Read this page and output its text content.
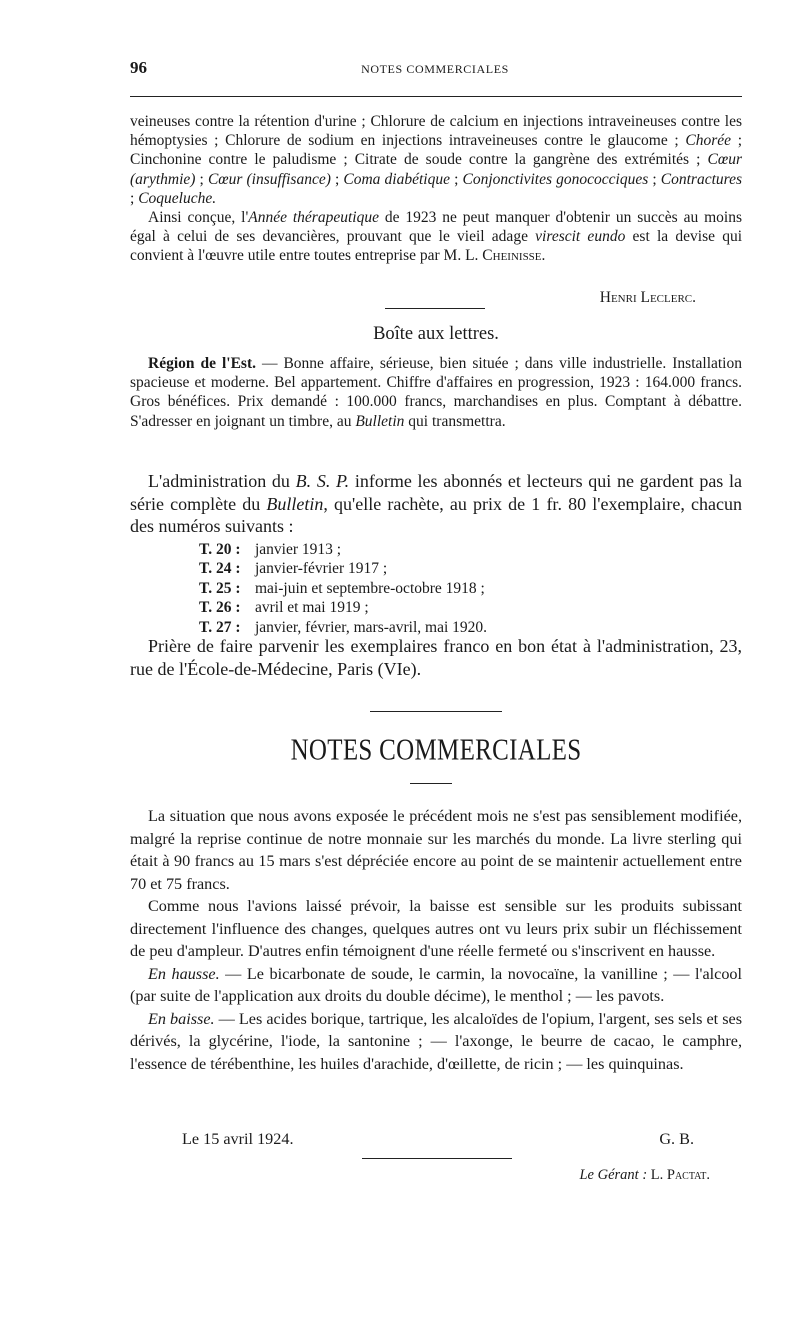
96	NOTES COMMERCIALES

veineuses contre la rétention d'urine ; Chlorure de calcium en injections intraveineuses contre les hémoptysies ; Chlorure de sodium en injections intraveineuses contre le glaucome ; Chorée ; Cinchonine contre le paludisme ; Citrate de soude contre la gangrène des extrémités ; Cœur (arythmie) ; Cœur (insuffisance) ; Coma diabétique ; Conjonctivites gonococciques ; Contractures ; Coqueluche.

Ainsi conçue, l'Année thérapeutique de 1923 ne peut manquer d'obtenir un succès au moins égal à celui de ses devancières, prouvant que le vieil adage virescit eundo est la devise qui convient à l'œuvre utile entre toutes entreprise par M. L. Cheinisse.

Henri Leclerc.
Boîte aux lettres.

Région de l'Est. — Bonne affaire, sérieuse, bien située ; dans ville industrielle. Installation spacieuse et moderne. Bel appartement. Chiffre d'affaires en progression, 1923 : 164.000 francs. Gros bénéfices. Prix demandé : 100.000 francs, marchandises en plus. Comptant à débattre. S'adresser en joignant un timbre, au Bulletin qui transmettra.

L'administration du B. S. P. informe les abonnés et lecteurs qui ne gardent pas la série complète du Bulletin, qu'elle rachète, au prix de 1 fr. 80 l'exemplaire, chacun des numéros suivants :

T. 20 : janvier 1913 ;
T. 24 : janvier-février 1917 ;
T. 25 : mai-juin et septembre-octobre 1918 ;
T. 26 : avril et mai 1919 ;
T. 27 : janvier, février, mars-avril, mai 1920.

Prière de faire parvenir les exemplaires franco en bon état à l'administration, 23, rue de l'École-de-Médecine, Paris (VIe).

NOTES COMMERCIALES

La situation que nous avons exposée le précédent mois ne s'est pas sensiblement modifiée, malgré la reprise continue de notre monnaie sur les marchés du monde. La livre sterling qui était à 90 francs au 15 mars s'est dépréciée encore au point de se maintenir actuellement entre 70 et 75 francs.

Comme nous l'avions laissé prévoir, la baisse est sensible sur les produits subissant directement l'influence des changes, quelques autres ont vu leurs prix subir un fléchissement de peu d'ampleur. D'autres enfin témoignent d'une réelle fermeté ou s'inscrivent en hausse.

En hausse. — Le bicarbonate de soude, le carmin, la novocaïne, la vanilline ; — l'alcool (par suite de l'application aux droits du double décime), le menthol ; — les pavots.

En baisse. — Les acides borique, tartrique, les alcaloïdes de l'opium, l'argent, ses sels et ses dérivés, la glycérine, l'iode, la santonine ; — l'axonge, le beurre de cacao, le camphre, l'essence de térébenthine, les huiles d'arachide, d'œillette, de ricin ; — les quinquinas.

Le 15 avril 1924.	G. B.
Le Gérant : L. Pactat.
